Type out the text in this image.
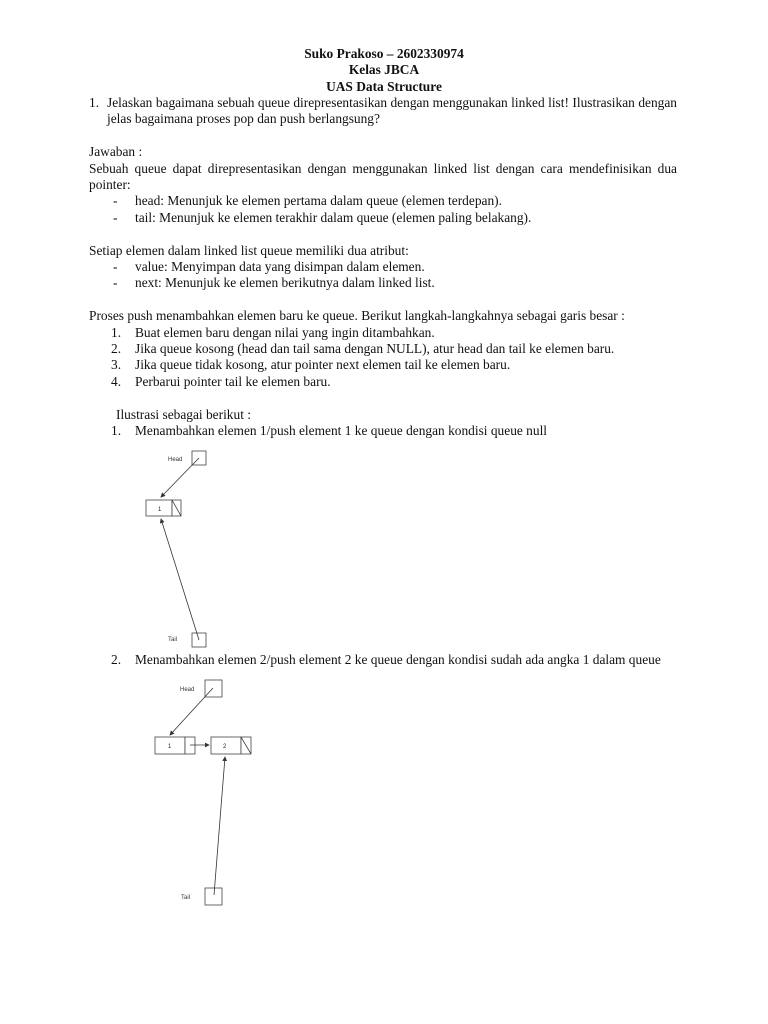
Suko Prakoso – 2602330974
Kelas JBCA
UAS Data Structure
1. Jelaskan bagaimana sebuah queue direpresentasikan dengan menggunakan linked list! Ilustrasikan dengan jelas bagaimana proses pop dan push berlangsung?

Jawaban :

Sebuah queue dapat direpresentasikan dengan menggunakan linked list dengan cara mendefinisikan dua pointer:

-	head: Menunjuk ke elemen pertama dalam queue (elemen terdepan).
-	tail: Menunjuk ke elemen terakhir dalam queue (elemen paling belakang).

Setiap elemen dalam linked list queue memiliki dua atribut:

-	value: Menyimpan data yang disimpan dalam elemen.
-	next: Menunjuk ke elemen berikutnya dalam linked list.

Proses push menambahkan elemen baru ke queue. Berikut langkah-langkahnya sebagai garis besar :

1.	Buat elemen baru dengan nilai yang ingin ditambahkan.
2.	Jika queue kosong (head dan tail sama dengan NULL), atur head dan tail ke elemen baru.
3.	Jika queue tidak kosong, atur pointer next elemen tail ke elemen baru.
4.	Perbarui pointer tail ke elemen baru.

Ilustrasi sebagai berikut :

1.	Menambahkan elemen 1/push element 1 ke queue dengan kondisi queue null
Head
1
Tail
2.	Menambahkan elemen 2/push element 2 ke queue dengan kondisi sudah ada angka 1 dalam queue
Head
1	2
Tail
